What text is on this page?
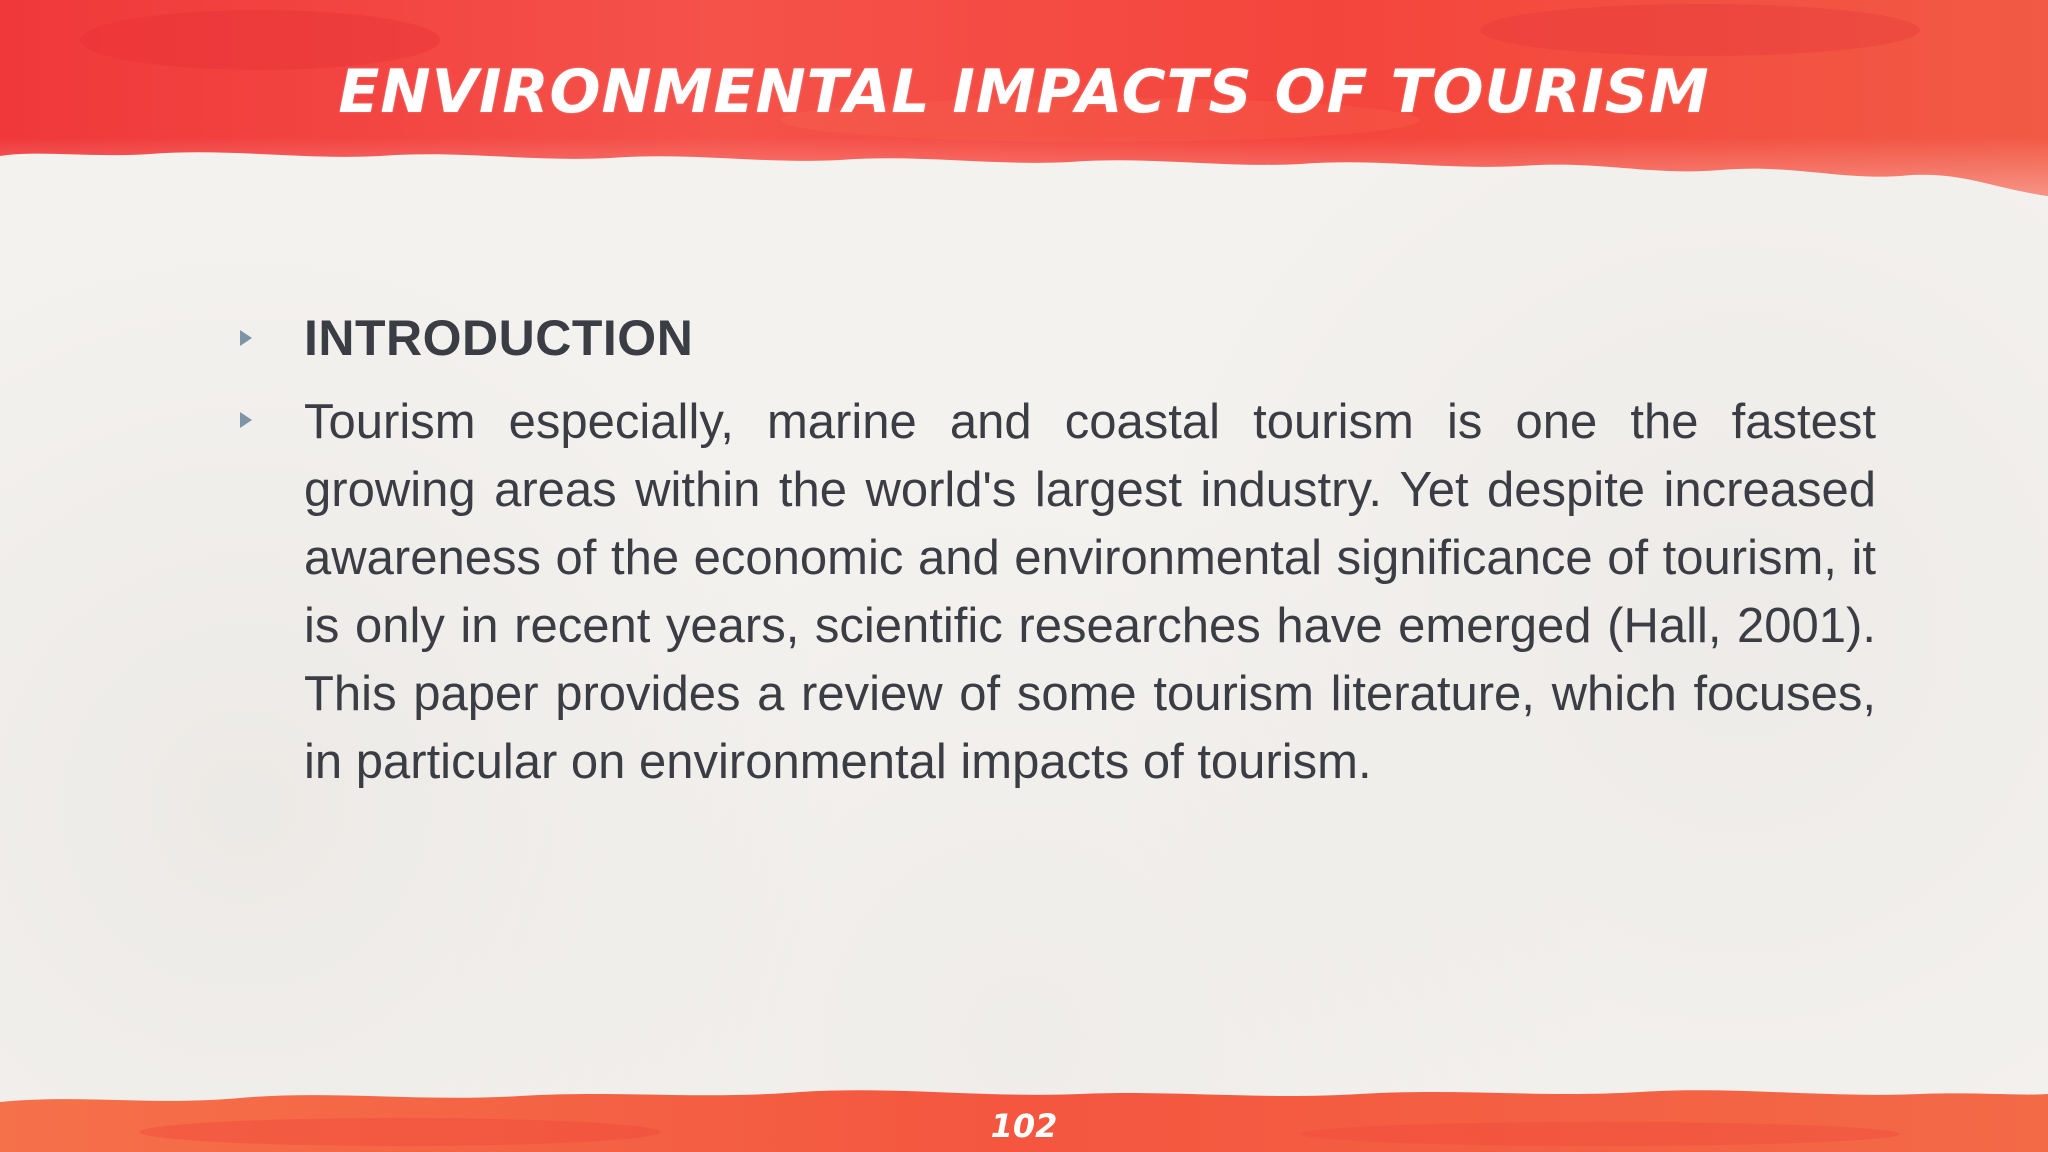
ENVIRONMENTAL IMPACTS OF TOURISM
INTRODUCTION

Tourism especially, marine and coastal tourism is one the fastest growing areas within the world's largest industry. Yet despite increased awareness of the economic and environmental significance of tourism, it is only in recent years, scientific researches have emerged (Hall, 2001). This paper provides a review of some tourism literature, which focuses, in particular on environmental impacts of tourism.

102
